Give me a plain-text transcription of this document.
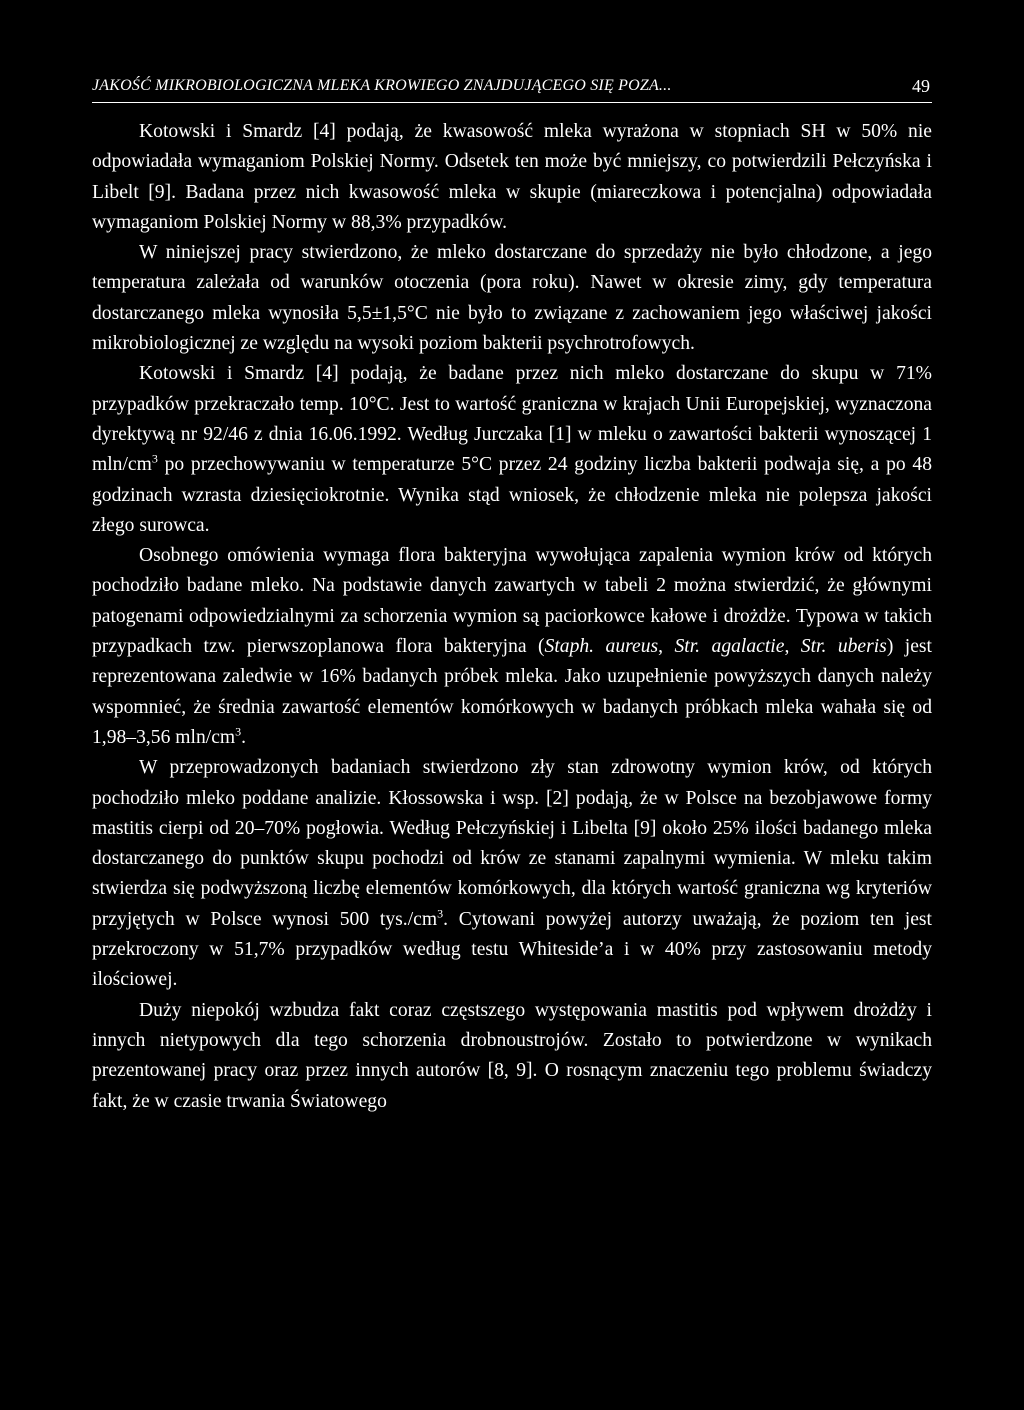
JAKOŚĆ MIKROBIOLOGICZNA MLEKA KROWIEGO ZNAJDUJĄCEGO SIĘ POZA...	49

Kotowski i Smardz [4] podają, że kwasowość mleka wyrażona w stopniach SH w 50% nie odpowiadała wymaganiom Polskiej Normy. Odsetek ten może być mniejszy, co potwierdzili Pełczyńska i Libelt [9]. Badana przez nich kwasowość mleka w skupie (miareczkowa i potencjalna) odpowiadała wymaganiom Polskiej Normy w 88,3% przypadków.

W niniejszej pracy stwierdzono, że mleko dostarczane do sprzedaży nie było chłodzone, a jego temperatura zależała od warunków otoczenia (pora roku). Nawet w okresie zimy, gdy temperatura dostarczanego mleka wynosiła 5,5±1,5°C nie było to związane z zachowaniem jego właściwej jakości mikrobiologicznej ze względu na wysoki poziom bakterii psychrotrofowych.

Kotowski i Smardz [4] podają, że badane przez nich mleko dostarczane do skupu w 71% przypadków przekraczało temp. 10°C. Jest to wartość graniczna w krajach Unii Europejskiej, wyznaczona dyrektywą nr 92/46 z dnia 16.06.1992. Według Jurczaka [1] w mleku o zawartości bakterii wynoszącej 1 mln/$cm^3$ po przechowywaniu w temperaturze 5°C przez 24 godziny liczba bakterii podwaja się, a po 48 godzinach wzrasta dziesięciokrotnie. Wynika stąd wniosek, że chłodzenie mleka nie polepsza jakości złego surowca.

Osobnego omówienia wymaga flora bakteryjna wywołująca zapalenia wymion krów od których pochodziło badane mleko. Na podstawie danych zawartych w tabeli 2 można stwierdzić, że głównymi patogenami odpowiedzialnymi za schorzenia wymion są paciorkowce kałowe i drożdże. Typowa w takich przypadkach tzw. pierwszoplanowa flora bakteryjna (Staph. aureus, Str. agalactie, Str. uberis) jest reprezentowana zaledwie w 16% badanych próbek mleka. Jako uzupełnienie powyższych danych należy wspomnieć, że średnia zawartość elementów komórkowych w badanych próbkach mleka wahała się od 1,98–3,56 mln/$cm^3$.

W przeprowadzonych badaniach stwierdzono zły stan zdrowotny wymion krów, od których pochodziło mleko poddane analizie. Kłossowska i wsp. [2] podają, że w Polsce na bezobjawowe formy mastitis cierpi od 20–70% pogłowia. Według Pełczyńskiej i Libelta [9] około 25% ilości badanego mleka dostarczanego do punktów skupu pochodzi od krów ze stanami zapalnymi wymienia. W mleku takim stwierdza się podwyższoną liczbę elementów komórkowych, dla których wartość graniczna wg kryteriów przyjętych w Polsce wynosi 500 $tys./cm^3$. Cytowani powyżej autorzy uważają, że poziom ten jest przekroczony w 51,7% przypadków według testu Whiteside’a i w 40% przy zastosowaniu metody ilościowej.

Duży niepokój wzbudza fakt coraz częstszego występowania mastitis pod wpływem drożdży i innych nietypowych dla tego schorzenia drobnoustrojów. Zostało to potwierdzone w wynikach prezentowanej pracy oraz przez innych autorów [8, 9]. O rosnącym znaczeniu tego problemu świadczy fakt, że w czasie trwania Światowego
